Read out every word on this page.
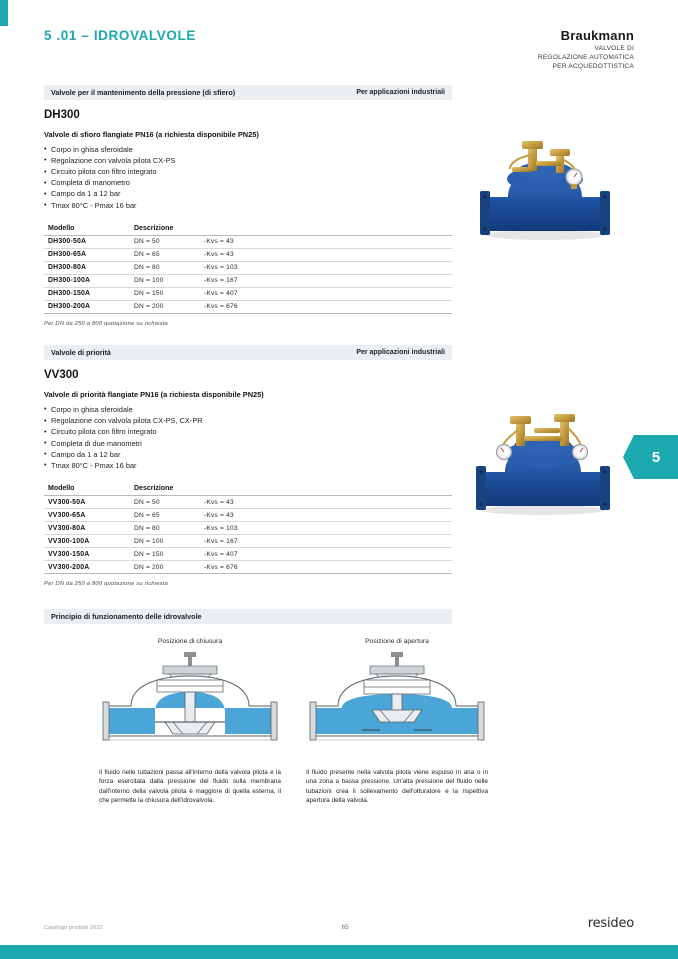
5 .01 – IDROVALVOLE	Braukmann
VALVOLE DI
REGOLAZIONE AUTOMATICA
PER ACQUEDOTTISTICA
Valvole per il mantenimento della pressione (di sfiero)	Per applicazioni industriali
DH300
Valvole di sfioro flangiate PN16 (a richiesta disponibile PN25)
• Corpo in ghisa sferoidale
• Regolazione con valvola pilota CX-PS
• Circuito pilota con filtro integrato
• Completa di manometro
• Campo da 1 a 12 bar
• Tmax 80°C - Pmax 16 bar
Modello	Descrizione	
DH300-50A	DN = 50	-Kvs = 43
DH300-65A	DN = 65	-Kvs = 43
DH300-80A	DN = 80	-Kvs = 103
DH300-100A	DN = 100	-Kvs = 167
DH300-150A	DN = 150	-Kvs = 407
DH300-200A	DN = 200	-Kvs = 676
Per DN da 250 a 800 quotazione su richiesta
Valvole di priorità	Per applicazioni industriali
VV300
Valvole di priorità flangiate PN16 (a richiesta disponibile PN25)
• Corpo in ghisa sferoidale
• Regolazione con valvola pilota CX-PS, CX-PR
• Circuito pilota con filtro integrato
• Completa di due manometri
• Campo da 1 a 12 bar
• Tmax 80°C - Pmax 16 bar
Modello	Descrizione	
VV300-50A	DN = 50	-Kvs = 43
VV300-65A	DN = 65	-Kvs = 43
VV300-80A	DN = 80	-Kvs = 103
VV300-100A	DN = 100	-Kvs = 167
VV300-150A	DN = 150	-Kvs = 407
VV300-200A	DN = 200	-Kvs = 676
Per DN da 250 a 800 quotazione su richiesta
Principio di funzionamento delle idrovalvole
Posizione di chiusura
Il fluido nelle tubazioni passa all'interno della valvola pilota e la forza esercitata dalla pressione del fluido sulla membrana dall'interno della valvola pilota è maggiore di quella esterna, il che permette la chiusura dell'idrovalvola.
Posizione di apertura
Il fluido presente nella valvola pilota viene espulso in aria o in una zona a bassa pressione. Un'alta pressione del fluido nelle tubazioni crea il sollevamento dell'otturatore e la rispettiva apertura della valvola.
5
Catalogo prodotti 2022	65	resideo
